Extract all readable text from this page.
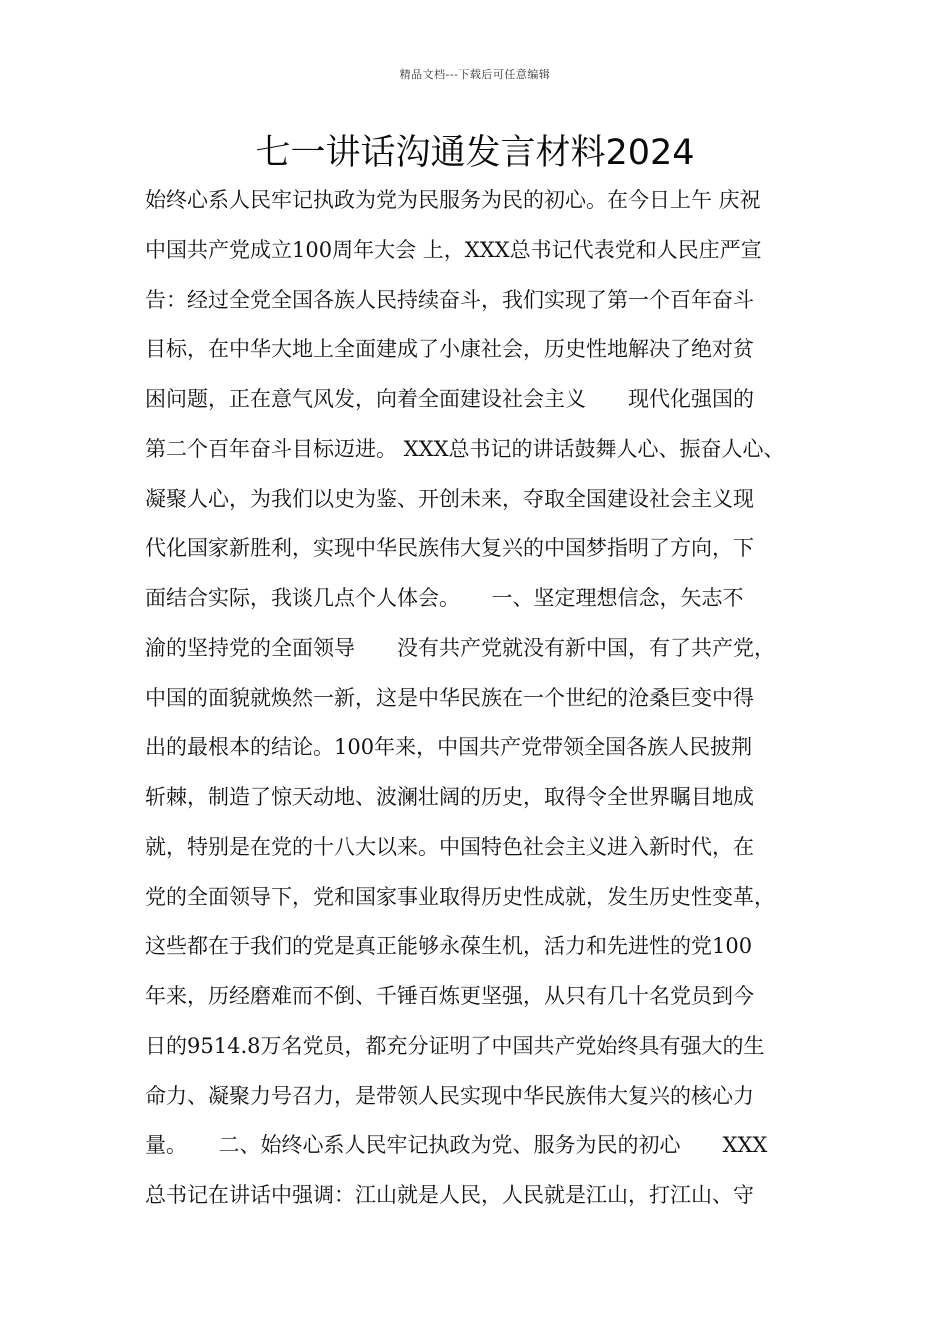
精品文档---下载后可任意编辑
七一讲话沟通发言材料2024
始终心系人民牢记执政为党为民服务为民的初心。在今日上午 庆祝
中国共产党成立100周年大会 上，XXX总书记代表党和人民庄严宣
告：经过全党全国各族人民持续奋斗，我们实现了第一个百年奋斗
目标，在中华大地上全面建成了小康社会，历史性地解决了绝对贫
困问题，正在意气风发，向着全面建设社会主义　　现代化强国的
第二个百年奋斗目标迈进。 XXX总书记的讲话鼓舞人心、振奋人心、
凝聚人心，为我们以史为鉴、开创未来，夺取全国建设社会主义现
代化国家新胜利，实现中华民族伟大复兴的中国梦指明了方向，下
面结合实际，我谈几点个人体会。　　一、坚定理想信念，矢志不
渝的坚持党的全面领导　　没有共产党就没有新中国，有了共产党，
中国的面貌就焕然一新，这是中华民族在一个世纪的沧桑巨变中得
出的最根本的结论。100年来，中国共产党带领全国各族人民披荆
斩棘，制造了惊天动地、波澜壮阔的历史，取得令全世界瞩目地成
就，特别是在党的十八大以来。中国特色社会主义进入新时代，在
党的全面领导下，党和国家事业取得历史性成就，发生历史性变革，
这些都在于我们的党是真正能够永葆生机，活力和先进性的党100
年来，历经磨难而不倒、千锤百炼更坚强，从只有几十名党员到今
日的9514.8万名党员，都充分证明了中国共产党始终具有强大的生
命力、凝聚力号召力，是带领人民实现中华民族伟大复兴的核心力
量。　　二、始终心系人民牢记执政为党、服务为民的初心　　XXX
总书记在讲话中强调：江山就是人民，人民就是江山，打江山、守
